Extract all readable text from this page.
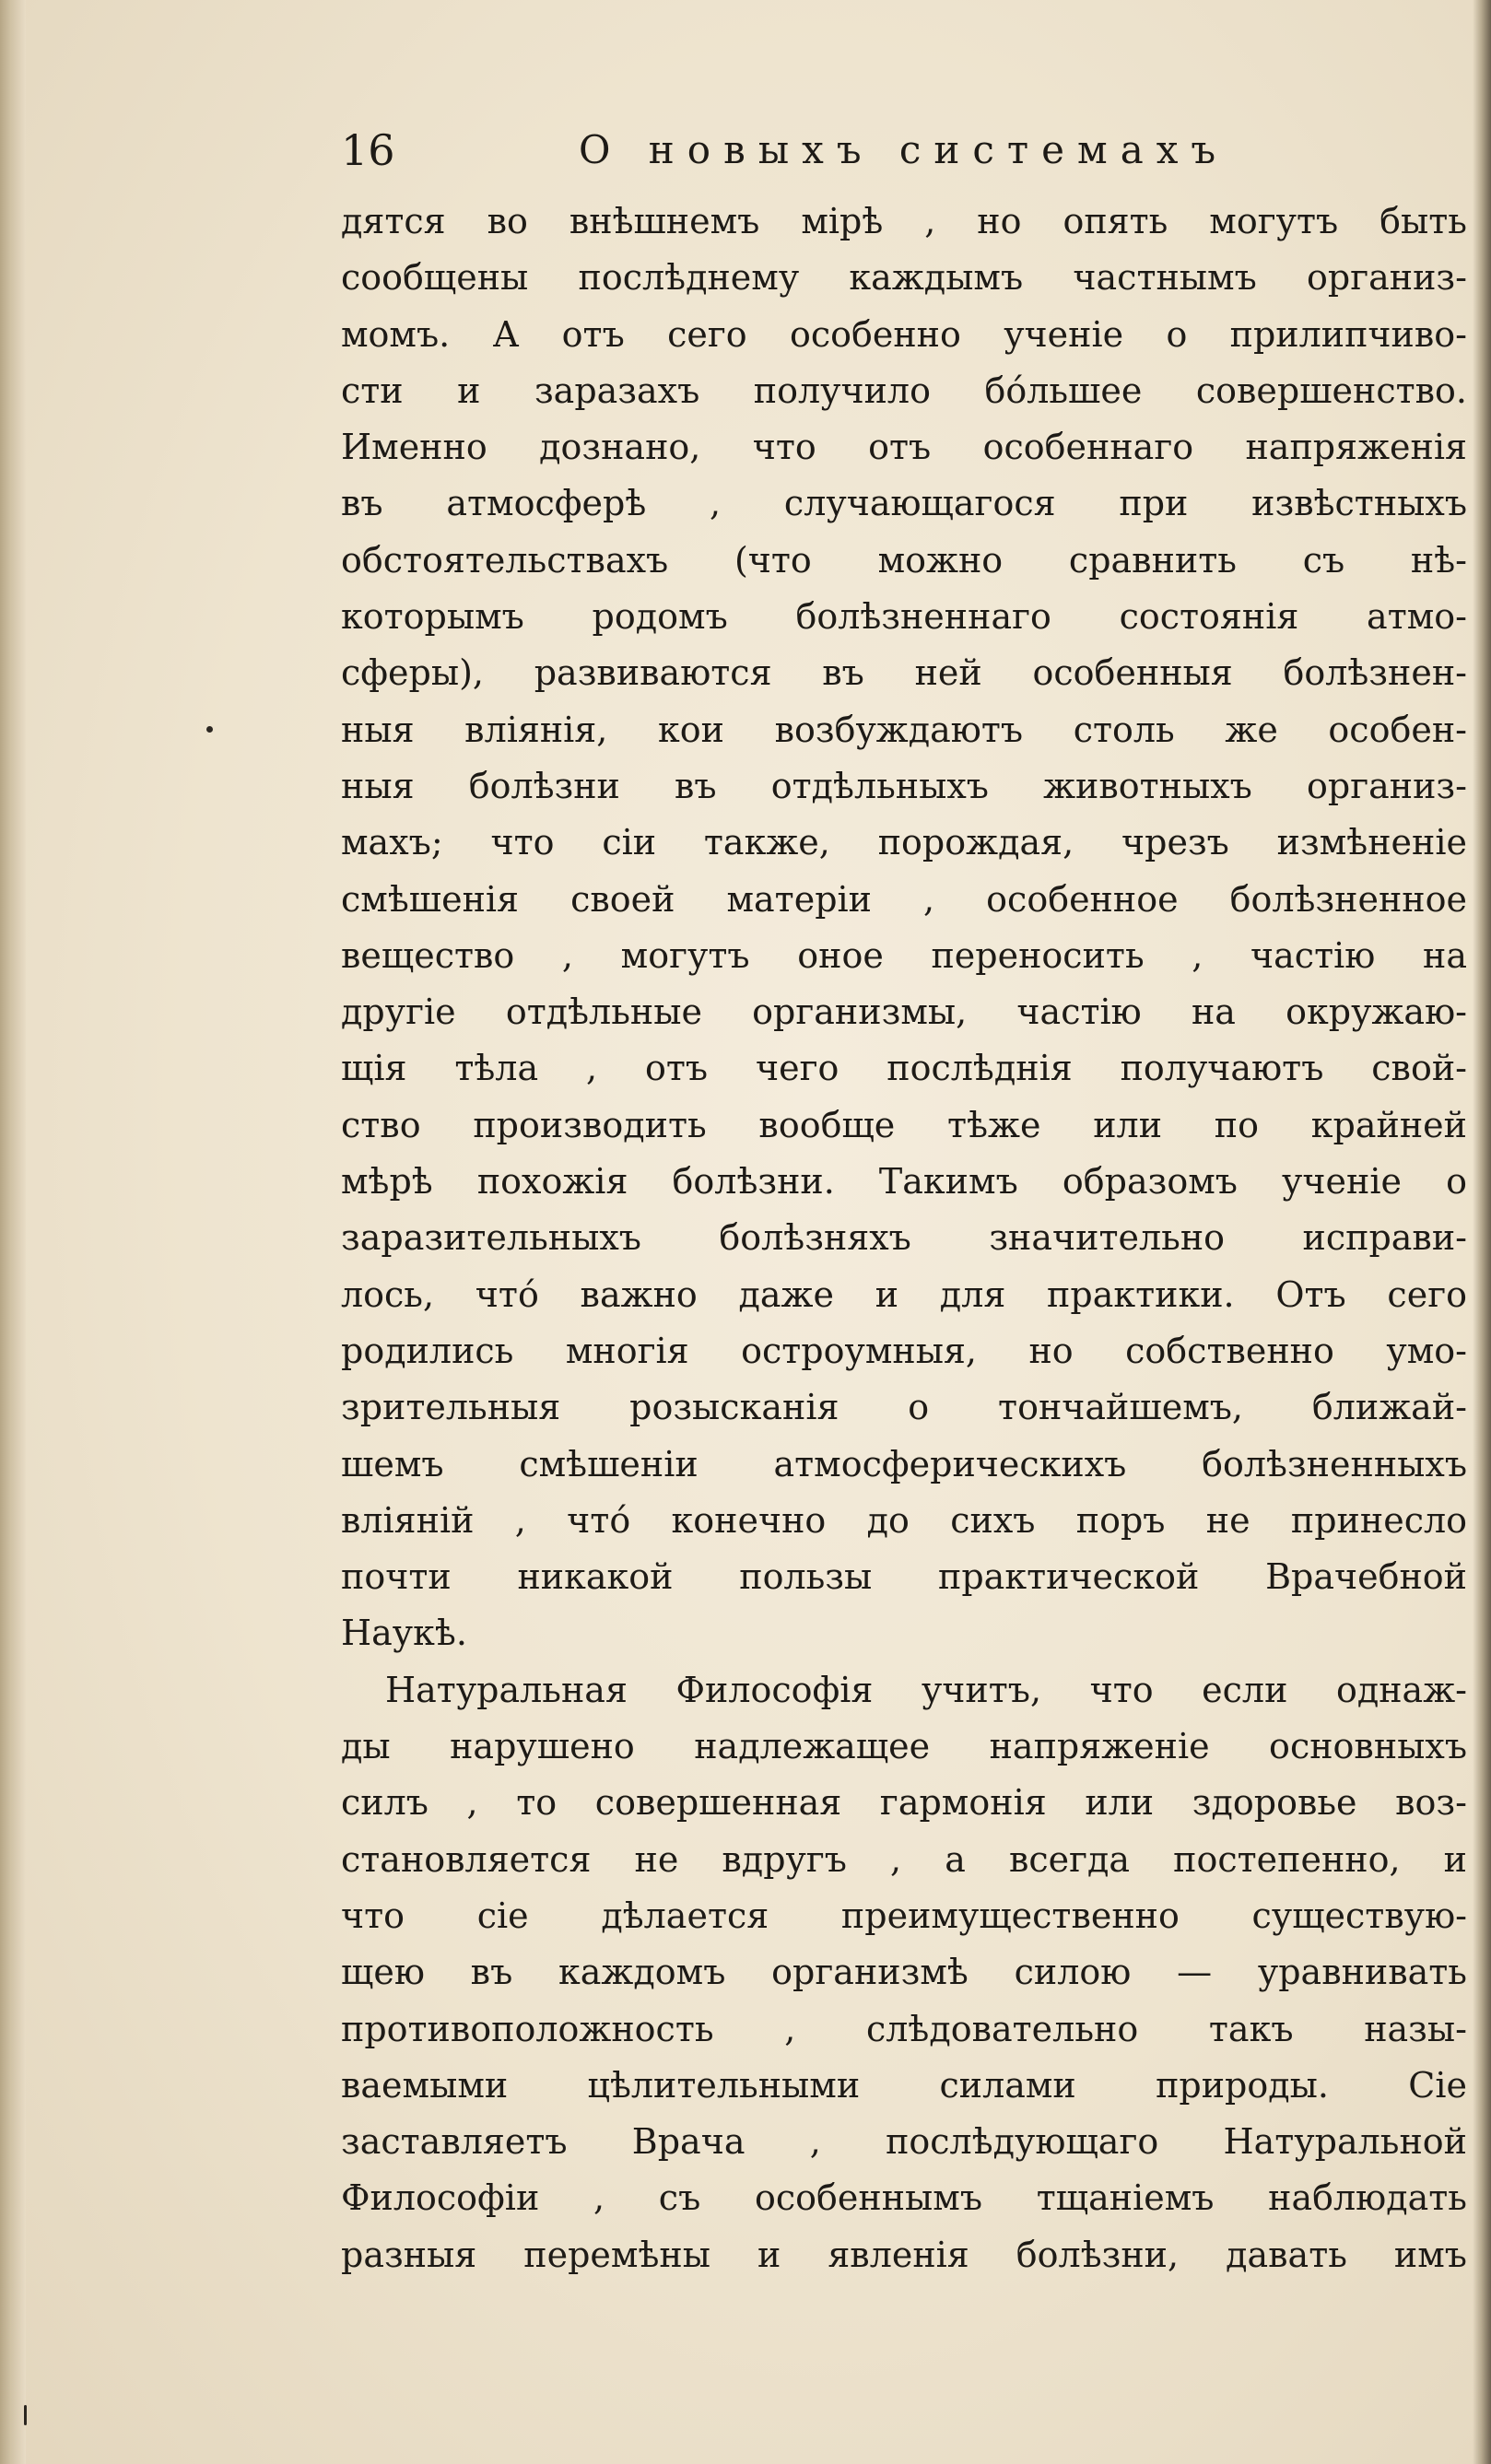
16	О новыхъ системахъ
дятся во внѣшнемъ мірѣ , но опять могутъ быть
сообщены послѣднему каждымъ частнымъ организ-
момъ. А отъ сего особенно ученіе о прилипчиво-
сти и заразахъ получило бо́льшее совершенство.
Именно дознано, что отъ особеннаго напряженія
въ атмосферѣ , случающагося при извѣстныхъ
обстоятельствахъ (что можно сравнить съ нѣ-
которымъ родомъ болѣзненнаго состоянія атмо-
сферы), развиваются въ ней особенныя болѣзнен-
ныя вліянія, кои возбуждаютъ столь же особен-
ныя болѣзни въ отдѣльныхъ животныхъ организ-
махъ; что сіи также, порождая, чрезъ измѣненіе
смѣшенія своей матеріи , особенное болѣзненное
вещество , могутъ оное переносить , частію на
другіе отдѣльные организмы, частію на окружаю-
щія тѣла , отъ чего послѣднія получаютъ свой-
ство производить вообще тѣже или по крайней
мѣрѣ похожія болѣзни. Такимъ образомъ ученіе о
заразительныхъ болѣзняхъ значительно исправи-
лось, что́ важно даже и для практики. Отъ сего
родились многія остроумныя, но собственно умо-
зрительныя розысканія о тончайшемъ, ближай-
шемъ смѣшеніи атмосферическихъ болѣзненныхъ
вліяній , что́ конечно до сихъ поръ не принесло
почти никакой пользы практической Врачебной
Наукѣ.
Натуральная Философія учитъ, что если однаж-
ды нарушено надлежащее напряженіе основныхъ
силъ , то совершенная гармонія или здоровье воз-
становляется не вдругъ , а всегда постепенно, и
что сіе дѣлается преимущественно существую-
щею въ каждомъ организмѣ силою — уравнивать
противоположность , слѣдовательно такъ назы-
ваемыми цѣлительными силами природы. Сіе
заставляетъ Врача , послѣдующаго Натуральной
Философіи , съ особеннымъ тщаніемъ наблюдать
разныя перемѣны и явленія болѣзни, давать имъ
